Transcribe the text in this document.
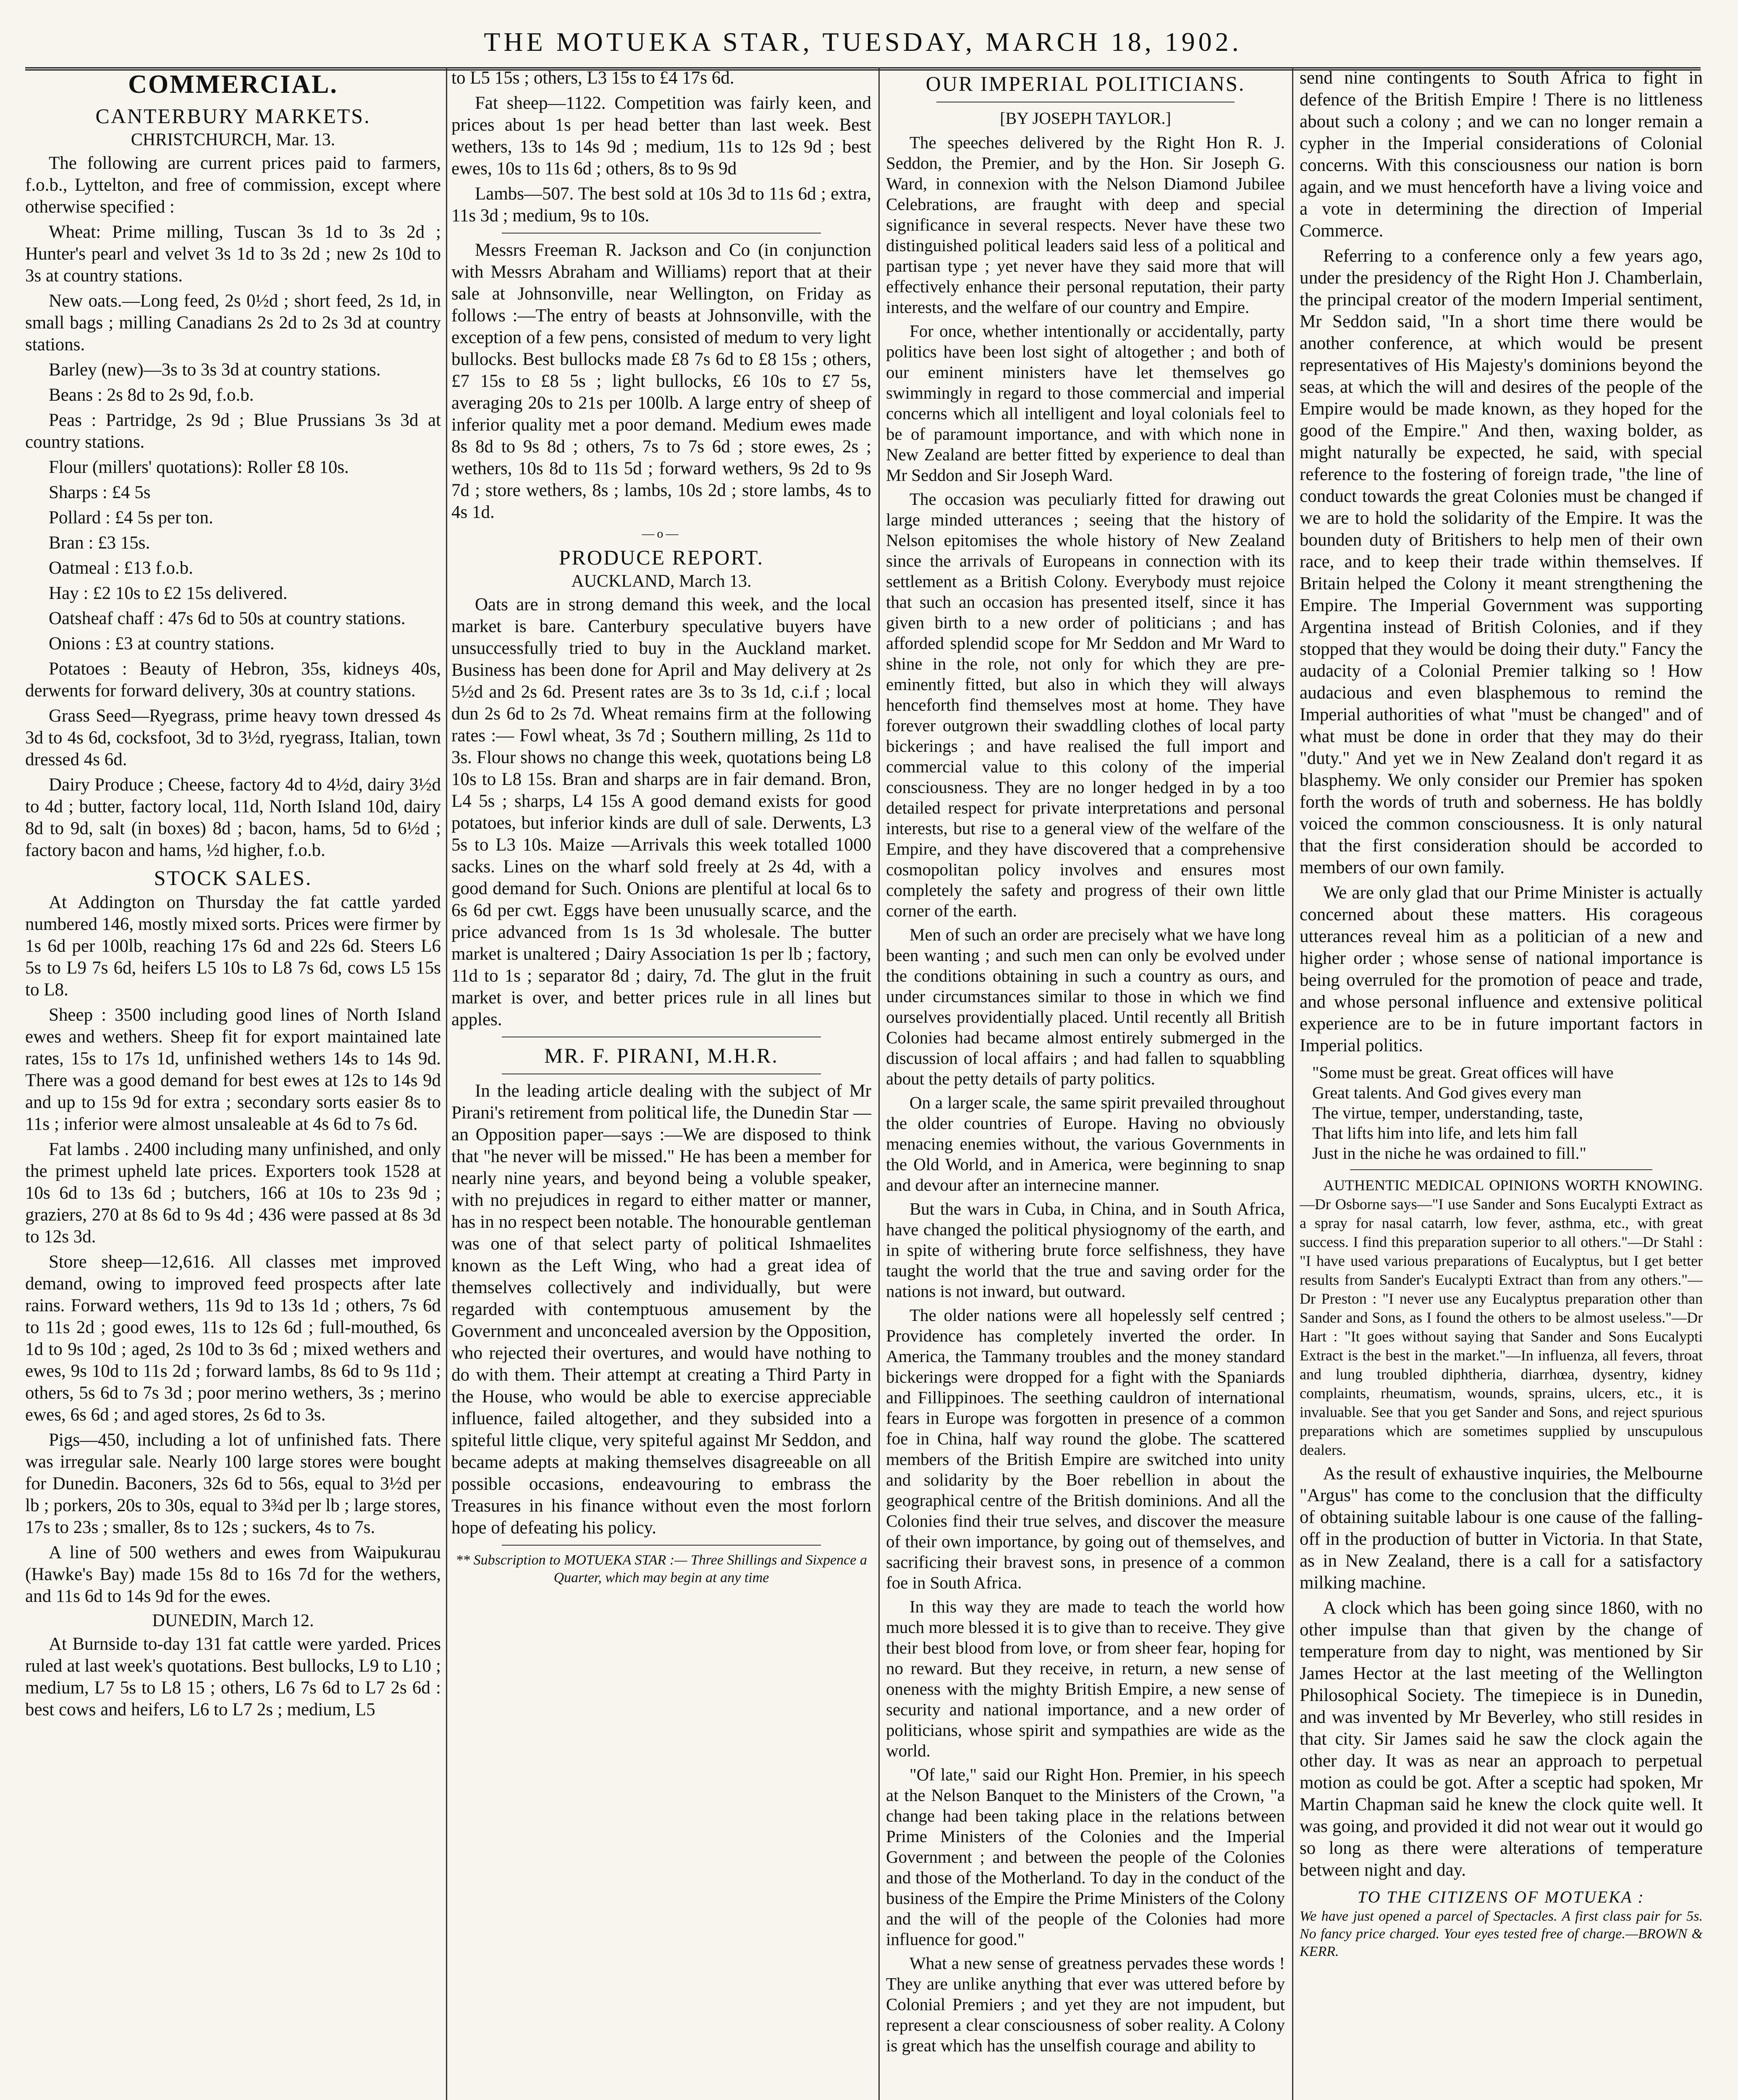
THE MOTUEKA STAR, TUESDAY, MARCH 18, 1902.
COMMERCIAL.
CANTERBURY MARKETS.
CHRISTCHURCH, Mar. 13.

The following are current prices paid to farmers, f.o.b., Lyttelton, and free of commission, except where otherwise specified :

Wheat: Prime milling, Tuscan 3s 1d to 3s 2d ; Hunter's pearl and velvet 3s 1d to 3s 2d ; new 2s 10d to 3s at country stations.

New oats.—Long feed, 2s 0½d ; short feed, 2s 1d, in small bags ; milling Canadians 2s 2d to 2s 3d at country stations.

Barley (new)—3s to 3s 3d at country stations.

Beans : 2s 8d to 2s 9d, f.o.b.

Peas : Partridge, 2s 9d ; Blue Prussians 3s 3d at country stations.

Flour (millers' quotations): Roller £8 10s.

Sharps : £4 5s

Pollard : £4 5s per ton.

Bran : £3 15s.

Oatmeal : £13 f.o.b.

Hay : £2 10s to £2 15s delivered.

Oatsheaf chaff : 47s 6d to 50s at country stations.

Onions : £3 at country stations.

Potatoes : Beauty of Hebron, 35s, kidneys 40s, derwents for forward delivery, 30s at country stations.

Grass Seed—Ryegrass, prime heavy town dressed 4s 3d to 4s 6d, cocksfoot, 3d to 3½d, ryegrass, Italian, town dressed 4s 6d.

Dairy Produce ; Cheese, factory 4d to 4½d, dairy 3½d to 4d ; butter, factory local, 11d, North Island 10d, dairy 8d to 9d, salt (in boxes) 8d ; bacon, hams, 5d to 6½d ; factory bacon and hams, ½d higher, f.o.b.

STOCK SALES.

At Addington on Thursday the fat cattle yarded numbered 146, mostly mixed sorts. Prices were firmer by 1s 6d per 100lb, reaching 17s 6d and 22s 6d. Steers L6 5s to L9 7s 6d, heifers L5 10s to L8 7s 6d, cows L5 15s to L8.

Sheep : 3500 including good lines of North Island ewes and wethers. Sheep fit for export maintained late rates, 15s to 17s 1d, unfinished wethers 14s to 14s 9d. There was a good demand for best ewes at 12s to 14s 9d and up to 15s 9d for extra ; secondary sorts easier 8s to 11s ; inferior were almost unsaleable at 4s 6d to 7s 6d.

Fat lambs . 2400 including many unfinished, and only the primest upheld late prices. Exporters took 1528 at 10s 6d to 13s 6d ; butchers, 166 at 10s to 23s 9d ; graziers, 270 at 8s 6d to 9s 4d ; 436 were passed at 8s 3d to 12s 3d.

Store sheep—12,616. All classes met improved demand, owing to improved feed prospects after late rains. Forward wethers, 11s 9d to 13s 1d ; others, 7s 6d to 11s 2d ; good ewes, 11s to 12s 6d ; full-mouthed, 6s 1d to 9s 10d ; aged, 2s 10d to 3s 6d ; mixed wethers and ewes, 9s 10d to 11s 2d ; forward lambs, 8s 6d to 9s 11d ; others, 5s 6d to 7s 3d ; poor merino wethers, 3s ; merino ewes, 6s 6d ; and aged stores, 2s 6d to 3s.

Pigs—450, including a lot of unfinished fats. There was irregular sale. Nearly 100 large stores were bought for Dunedin. Baconers, 32s 6d to 56s, equal to 3½d per lb ; porkers, 20s to 30s, equal to 3¾d per lb ; large stores, 17s to 23s ; smaller, 8s to 12s ; suckers, 4s to 7s.

A line of 500 wethers and ewes from Waipukurau (Hawke's Bay) made 15s 8d to 16s 7d for the wethers, and 11s 6d to 14s 9d for the ewes.

DUNEDIN, March 12.

At Burnside to-day 131 fat cattle were yarded. Prices ruled at last week's quotations. Best bullocks, L9 to L10 ; medium, L7 5s to L8 15 ; others, L6 7s 6d to L7 2s 6d : best cows and heifers, L6 to L7 2s ; medium, L5

to L5 15s ; others, L3 15s to £4 17s 6d.

Fat sheep—1122. Competition was fairly keen, and prices about 1s per head better than last week. Best wethers, 13s to 14s 9d ; medium, 11s to 12s 9d ; best ewes, 10s to 11s 6d ; others, 8s to 9s 9d

Lambs—507. The best sold at 10s 3d to 11s 6d ; extra, 11s 3d ; medium, 9s to 10s.

Messrs Freeman R. Jackson and Co (in conjunction with Messrs Abraham and Williams) report that at their sale at Johnsonville, near Wellington, on Friday as follows :—The entry of beasts at Johnsonville, with the exception of a few pens, consisted of medum to very light bullocks. Best bullocks made £8 7s 6d to £8 15s ; others, £7 15s to £8 5s ; light bullocks, £6 10s to £7 5s, averaging 20s to 21s per 100lb. A large entry of sheep of inferior quality met a poor demand. Medium ewes made 8s 8d to 9s 8d ; others, 7s to 7s 6d ; store ewes, 2s ; wethers, 10s 8d to 11s 5d ; forward wethers, 9s 2d to 9s 7d ; store wethers, 8s ; lambs, 10s 2d ; store lambs, 4s to 4s 1d.

—o—
PRODUCE REPORT.
AUCKLAND, March 13.

Oats are in strong demand this week, and the local market is bare. Canterbury speculative buyers have unsuccessfully tried to buy in the Auckland market. Business has been done for April and May delivery at 2s 5½d and 2s 6d. Present rates are 3s to 3s 1d, c.i.f ; local dun 2s 6d to 2s 7d. Wheat remains firm at the following rates :— Fowl wheat, 3s 7d ; Southern milling, 2s 11d to 3s. Flour shows no change this week, quotations being L8 10s to L8 15s. Bran and sharps are in fair demand. Bron, L4 5s ; sharps, L4 15s A good demand exists for good potatoes, but inferior kinds are dull of sale. Derwents, L3 5s to L3 10s. Maize —Arrivals this week totalled 1000 sacks. Lines on the wharf sold freely at 2s 4d, with a good demand for Such. Onions are plentiful at local 6s to 6s 6d per cwt. Eggs have been unusually scarce, and the price advanced from 1s 1s 3d wholesale. The butter market is unaltered ; Dairy Association 1s per lb ; factory, 11d to 1s ; separator 8d ; dairy, 7d. The glut in the fruit market is over, and better prices rule in all lines but apples.

MR. F. PIRANI, M.H.R.

In the leading article dealing with the subject of Mr Pirani's retirement from political life, the Dunedin Star —an Opposition paper—says :—We are disposed to think that "he never will be missed." He has been a member for nearly nine years, and beyond being a voluble speaker, with no prejudices in regard to either matter or manner, has in no respect been notable. The honourable gentleman was one of that select party of political Ishmaelites known as the Left Wing, who had a great idea of themselves collectively and individually, but were regarded with contemptuous amusement by the Government and unconcealed aversion by the Opposition, who rejected their overtures, and would have nothing to do with them. Their attempt at creating a Third Party in the House, who would be able to exercise appreciable influence, failed altogether, and they subsided into a spiteful little clique, very spiteful against Mr Seddon, and became adepts at making themselves disagreeable on all possible occasions, endeavouring to embrass the Treasures in his finance without even the most forlorn hope of defeating his policy.

** Subscription to MOTUEKA STAR :— Three Shillings and Sixpence a Quarter, which may begin at any time

OUR IMPERIAL POLITICIANS.
[BY JOSEPH TAYLOR.]

The speeches delivered by the Right Hon R. J. Seddon, the Premier, and by the Hon. Sir Joseph G. Ward, in connexion with the Nelson Diamond Jubilee Celebrations, are fraught with deep and special significance in several respects. Never have these two distinguished political leaders said less of a political and partisan type ; yet never have they said more that will effectively enhance their personal reputation, their party interests, and the welfare of our country and Empire.

For once, whether intentionally or accidentally, party politics have been lost sight of altogether ; and both of our eminent ministers have let themselves go swimmingly in regard to those commercial and imperial concerns which all intelligent and loyal colonials feel to be of paramount importance, and with which none in New Zealand are better fitted by experience to deal than Mr Seddon and Sir Joseph Ward.

The occasion was peculiarly fitted for drawing out large minded utterances ; seeing that the history of Nelson epitomises the whole history of New Zealand since the arrivals of Europeans in connection with its settlement as a British Colony. Everybody must rejoice that such an occasion has presented itself, since it has given birth to a new order of politicians ; and has afforded splendid scope for Mr Seddon and Mr Ward to shine in the role, not only for which they are pre-eminently fitted, but also in which they will always henceforth find themselves most at home. They have forever outgrown their swaddling clothes of local party bickerings ; and have realised the full import and commercial value to this colony of the imperial consciousness. They are no longer hedged in by a too detailed respect for private interpretations and personal interests, but rise to a general view of the welfare of the Empire, and they have discovered that a comprehensive cosmopolitan policy involves and ensures most completely the safety and progress of their own little corner of the earth.

Men of such an order are precisely what we have long been wanting ; and such men can only be evolved under the conditions obtaining in such a country as ours, and under circumstances similar to those in which we find ourselves providentially placed. Until recently all British Colonies had became almost entirely submerged in the discussion of local affairs ; and had fallen to squabbling about the petty details of party politics.

On a larger scale, the same spirit prevailed throughout the older countries of Europe. Having no obviously menacing enemies without, the various Governments in the Old World, and in America, were beginning to snap and devour after an internecine manner.

But the wars in Cuba, in China, and in South Africa, have changed the political physiognomy of the earth, and in spite of withering brute force selfishness, they have taught the world that the true and saving order for the nations is not inward, but outward.

The older nations were all hopelessly self centred ; Providence has completely inverted the order. In America, the Tammany troubles and the money standard bickerings were dropped for a fight with the Spaniards and Fillippinoes. The seething cauldron of international fears in Europe was forgotten in presence of a common foe in China, half way round the globe. The scattered members of the British Empire are switched into unity and solidarity by the Boer rebellion in about the geographical centre of the British dominions. And all the Colonies find their true selves, and discover the measure of their own importance, by going out of themselves, and sacrificing their bravest sons, in presence of a common foe in South Africa.

In this way they are made to teach the world how much more blessed it is to give than to receive. They give their best blood from love, or from sheer fear, hoping for no reward. But they receive, in return, a new sense of oneness with the mighty British Empire, a new sense of security and national importance, and a new order of politicians, whose spirit and sympathies are wide as the world.

"Of late," said our Right Hon. Premier, in his speech at the Nelson Banquet to the Ministers of the Crown, "a change had been taking place in the relations between Prime Ministers of the Colonies and the Imperial Government ; and between the people of the Colonies and those of the Motherland. To day in the conduct of the business of the Empire the Prime Ministers of the Colony and the will of the people of the Colonies had more influence for good."

What a new sense of greatness pervades these words ! They are unlike anything that ever was uttered before by Colonial Premiers ; and yet they are not impudent, but represent a clear consciousness of sober reality. A Colony is great which has the unselfish courage and ability to

send nine contingents to South Africa to fight in defence of the British Empire ! There is no littleness about such a colony ; and we can no longer remain a cypher in the Imperial considerations of Colonial concerns. With this consciousness our nation is born again, and we must henceforth have a living voice and a vote in determining the direction of Imperial Commerce.

Referring to a conference only a few years ago, under the presidency of the Right Hon J. Chamberlain, the principal creator of the modern Imperial sentiment, Mr Seddon said, "In a short time there would be another conference, at which would be present representatives of His Majesty's dominions beyond the seas, at which the will and desires of the people of the Empire would be made known, as they hoped for the good of the Empire." And then, waxing bolder, as might naturally be expected, he said, with special reference to the fostering of foreign trade, "the line of conduct towards the great Colonies must be changed if we are to hold the solidarity of the Empire. It was the bounden duty of Britishers to help men of their own race, and to keep their trade within themselves. If Britain helped the Colony it meant strengthening the Empire. The Imperial Government was supporting Argentina instead of British Colonies, and if they stopped that they would be doing their duty." Fancy the audacity of a Colonial Premier talking so ! How audacious and even blasphemous to remind the Imperial authorities of what "must be changed" and of what must be done in order that they may do their "duty." And yet we in New Zealand don't regard it as blasphemy. We only consider our Premier has spoken forth the words of truth and soberness. He has boldly voiced the common consciousness. It is only natural that the first consideration should be accorded to members of our own family.

We are only glad that our Prime Minister is actually concerned about these matters. His corageous utterances reveal him as a politician of a new and higher order ; whose sense of national importance is being overruled for the promotion of peace and trade, and whose personal influence and extensive political experience are to be in future important factors in Imperial politics.

"Some must be great. Great offices will have

Great talents. And God gives every man

The virtue, temper, understanding, taste,

That lifts him into life, and lets him fall

Just in the niche he was ordained to fill."

AUTHENTIC MEDICAL OPINIONS WORTH KNOWING.—Dr Osborne says—"I use Sander and Sons Eucalypti Extract as a spray for nasal catarrh, low fever, asthma, etc., with great success. I find this preparation superior to all others."—Dr Stahl : "I have used various preparations of Eucalyptus, but I get better results from Sander's Eucalypti Extract than from any others."—Dr Preston : "I never use any Eucalyptus preparation other than Sander and Sons, as I found the others to be almost useless."—Dr Hart : "It goes without saying that Sander and Sons Eucalypti Extract is the best in the market."—In influenza, all fevers, throat and lung troubled diphtheria, diarrhœa, dysentry, kidney complaints, rheumatism, wounds, sprains, ulcers, etc., it is invaluable. See that you get Sander and Sons, and reject spurious preparations which are sometimes supplied by unscupulous dealers.

As the result of exhaustive inquiries, the Melbourne "Argus" has come to the conclusion that the difficulty of obtaining suitable labour is one cause of the falling-off in the production of butter in Victoria. In that State, as in New Zealand, there is a call for a satisfactory milking machine.

A clock which has been going since 1860, with no other impulse than that given by the change of temperature from day to night, was mentioned by Sir James Hector at the last meeting of the Wellington Philosophical Society. The timepiece is in Dunedin, and was invented by Mr Beverley, who still resides in that city. Sir James said he saw the clock again the other day. It was as near an approach to perpetual motion as could be got. After a sceptic had spoken, Mr Martin Chapman said he knew the clock quite well. It was going, and provided it did not wear out it would go so long as there were alterations of temperature between night and day.

TO THE CITIZENS OF MOTUEKA :

We have just opened a parcel of Spectacles. A first class pair for 5s. No fancy price charged. Your eyes tested free of charge.—BROWN & KERR.
